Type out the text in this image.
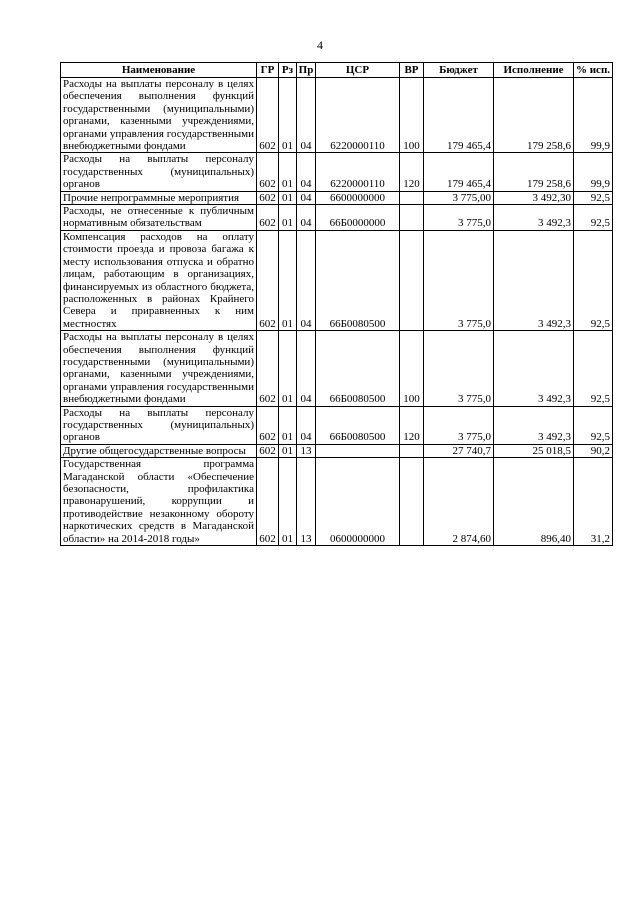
4
Наименование	ГР	Рз	Пр	ЦСР	ВР	Бюджет	Исполнение	% исп.
Расходы на выплаты персоналу в целях обеспечения выполнения функций государственными (муниципальными) органами, казенными учреждениями, органами управления государственными внебюджетными фондами	602	01	04	6220000110	100	179 465,4	179 258,6	99,9
Расходы на выплаты персоналу государственных (муниципальных) органов	602	01	04	6220000110	120	179 465,4	179 258,6	99,9
Прочие непрограммные мероприятия	602	01	04	6600000000		3 775,00	3 492,30	92,5
Расходы, не отнесенные к публичным нормативным обязательствам	602	01	04	66Б0000000		3 775,0	3 492,3	92,5
Компенсация расходов на оплату стоимости проезда и провоза багажа к месту использования отпуска и обратно лицам, работающим в организациях, финансируемых из областного бюджета, расположенных в районах Крайнего Севера и приравненных к ним местностях	602	01	04	66Б0080500		3 775,0	3 492,3	92,5
Расходы на выплаты персоналу в целях обеспечения выполнения функций государственными (муниципальными) органами, казенными учреждениями, органами управления государственными внебюджетными фондами	602	01	04	66Б0080500	100	3 775,0	3 492,3	92,5
Расходы на выплаты персоналу государственных (муниципальных) органов	602	01	04	66Б0080500	120	3 775,0	3 492,3	92,5
Другие общегосударственные вопросы	602	01	13			27 740,7	25 018,5	90,2
Государственная программа Магаданской области «Обеспечение безопасности, профилактика правонарушений, коррупции и противодействие незаконному обороту наркотических средств в Магаданской области» на 2014-2018 годы»	602	01	13	0600000000		2 874,60	896,40	31,2
